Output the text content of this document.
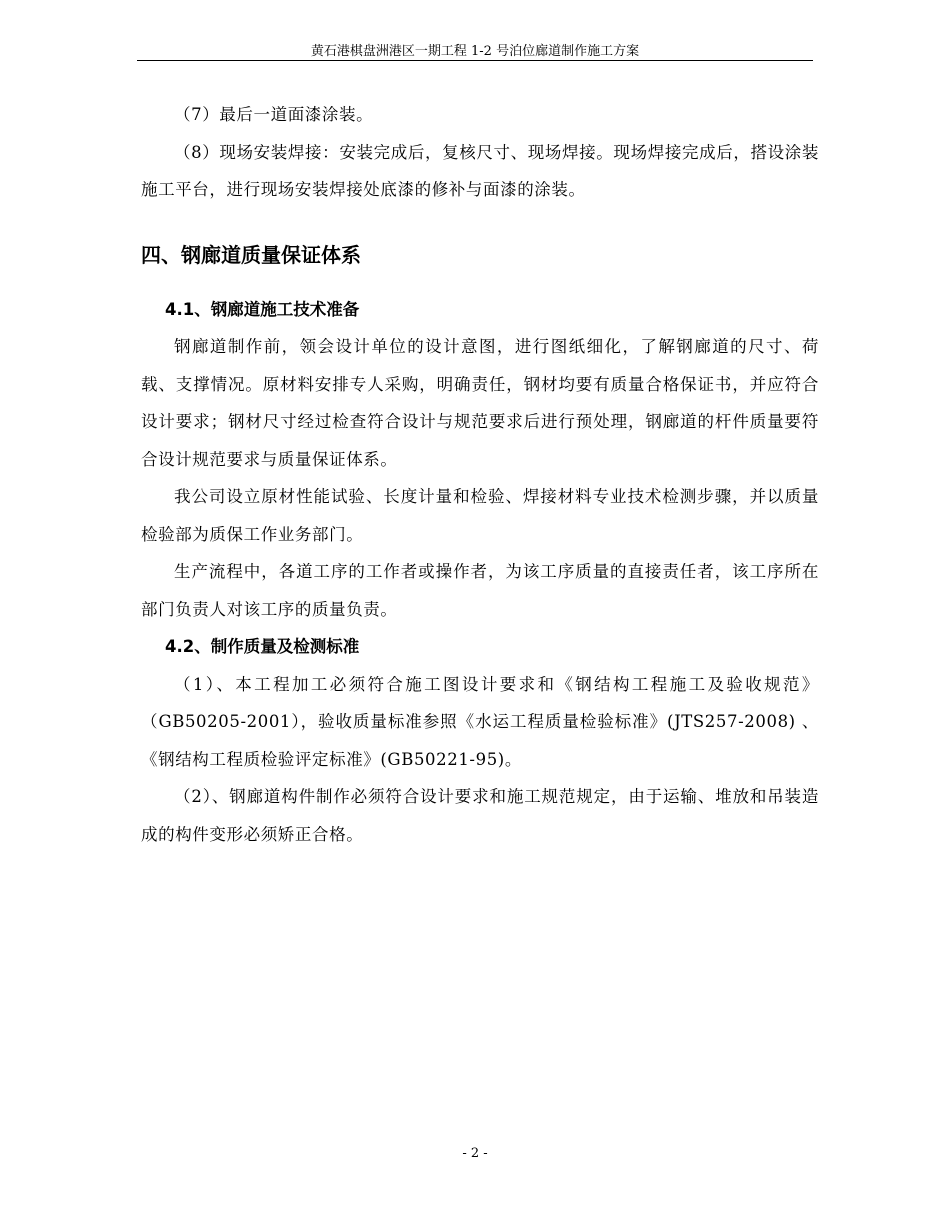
黄石港棋盘洲港区一期工程 1-2 号泊位廊道制作施工方案

（7）最后一道面漆涂装。

（8）现场安装焊接：安装完成后，复核尺寸、现场焊接。现场焊接完成后，搭设涂装施工平台，进行现场安装焊接处底漆的修补与面漆的涂装。

四、钢廊道质量保证体系
4.1、钢廊道施工技术准备

钢廊道制作前，领会设计单位的设计意图，进行图纸细化，了解钢廊道的尺寸、荷载、支撑情况。原材料安排专人采购，明确责任，钢材均要有质量合格保证书，并应符合设计要求；钢材尺寸经过检查符合设计与规范要求后进行预处理，钢廊道的杆件质量要符合设计规范要求与质量保证体系。

我公司设立原材性能试验、长度计量和检验、焊接材料专业技术检测步骤，并以质量检验部为质保工作业务部门。

生产流程中，各道工序的工作者或操作者，为该工序质量的直接责任者，该工序所在部门负责人对该工序的质量负责。

4.2、制作质量及检测标准

（1）、本工程加工必须符合施工图设计要求和《钢结构工程施工及验收规范》（GB50205-2001），验收质量标准参照《水运工程质量检验标准》(JTS257-2008) 、《钢结构工程质检验评定标准》(GB50221-95)。

（2）、钢廊道构件制作必须符合设计要求和施工规范规定，由于运输、堆放和吊装造成的构件变形必须矫正合格。

- 2 -
